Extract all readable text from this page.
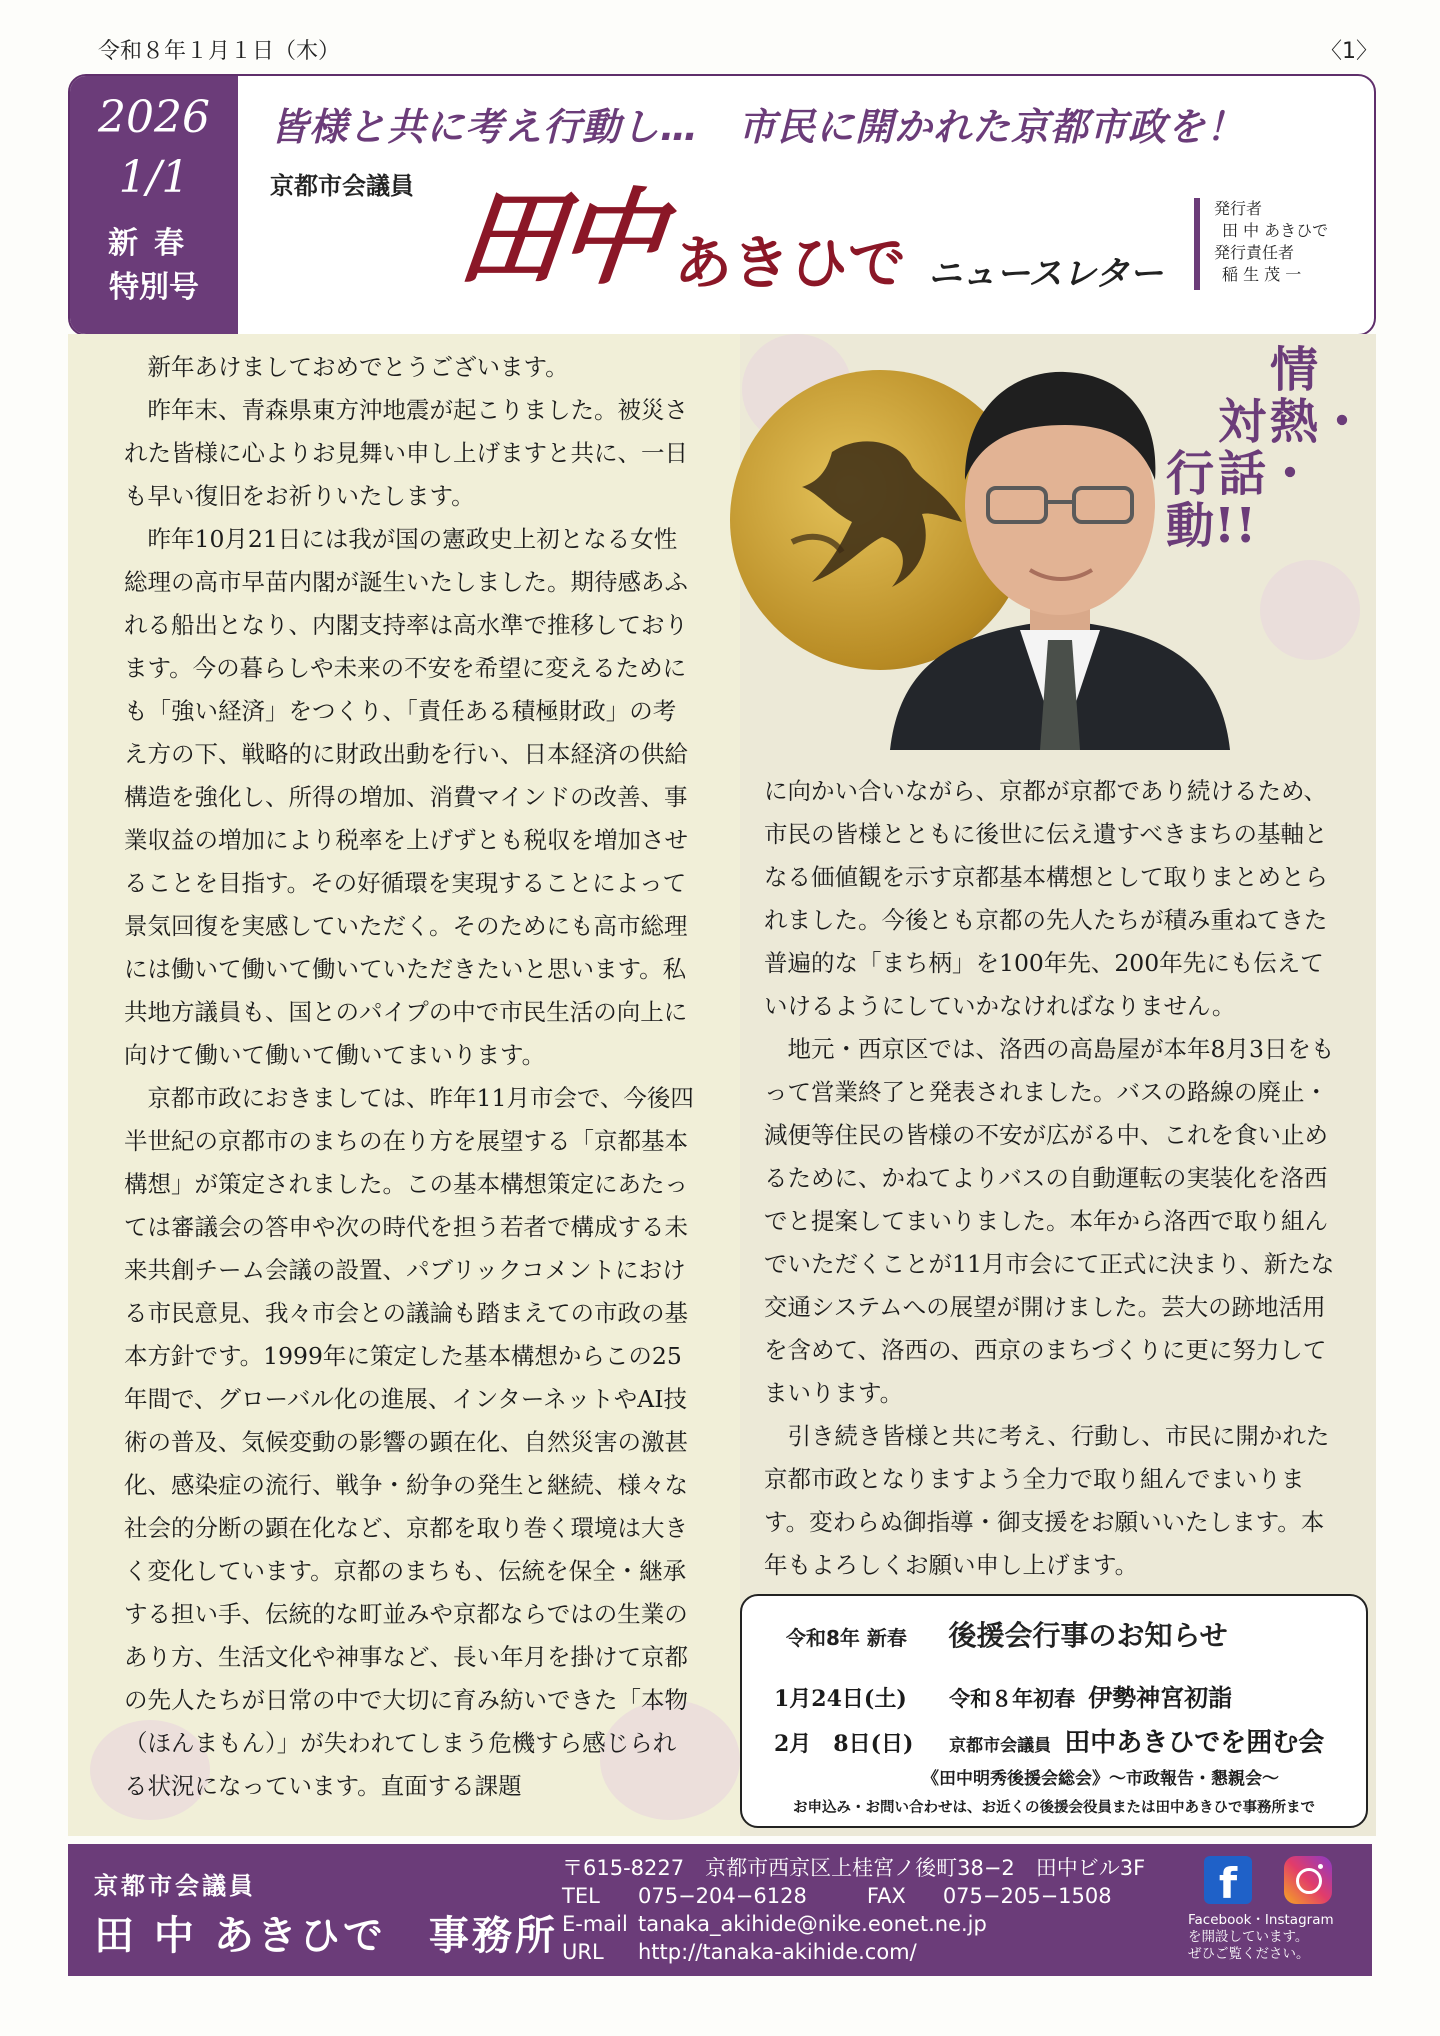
令和８年１月１日（木）	〈1〉
2026
1/1
新春
特別号
皆様と共に考え行動し…　市民に開かれた京都市政を！
京都市会議員 田中 あきひで ニュースレター
発行者
田 中 あきひで
発行責任者
稲 生 茂 一
情熱・
対話・
行動!!

新年あけましておめでとうございます。

昨年末、青森県東方沖地震が起こりました。被災された皆様に心よりお見舞い申し上げますと共に、一日も早い復旧をお祈りいたします。

昨年10月21日には我が国の憲政史上初となる女性総理の高市早苗内閣が誕生いたしました。期待感あふれる船出となり、内閣支持率は高水準で推移しております。今の暮らしや未来の不安を希望に変えるためにも「強い経済」をつくり、「責任ある積極財政」の考え方の下、戦略的に財政出動を行い、日本経済の供給構造を強化し、所得の増加、消費マインドの改善、事業収益の増加により税率を上げずとも税収を増加させることを目指す。その好循環を実現することによって景気回復を実感していただく。そのためにも高市総理には働いて働いて働いていただきたいと思います。私共地方議員も、国とのパイプの中で市民生活の向上に向けて働いて働いて働いてまいります。

京都市政におきましては、昨年11月市会で、今後四半世紀の京都市のまちの在り方を展望する「京都基本構想」が策定されました。この基本構想策定にあたっては審議会の答申や次の時代を担う若者で構成する未来共創チーム会議の設置、パブリックコメントにおける市民意見、我々市会との議論も踏まえての市政の基本方針です。1999年に策定した基本構想からこの25年間で、グローバル化の進展、インターネットやAI技術の普及、気候変動の影響の顕在化、自然災害の激甚化、感染症の流行、戦争・紛争の発生と継続、様々な社会的分断の顕在化など、京都を取り巻く環境は大きく変化しています。京都のまちも、伝統を保全・継承する担い手、伝統的な町並みや京都ならではの生業のあり方、生活文化や神事など、長い年月を掛けて京都の先人たちが日常の中で大切に育み紡いできた「本物（ほんまもん）」が失われてしまう危機すら感じられる状況になっています。直面する課題

に向かい合いながら、京都が京都であり続けるため、市民の皆様とともに後世に伝え遺すべきまちの基軸となる価値観を示す京都基本構想として取りまとめとられました。今後とも京都の先人たちが積み重ねてきた普遍的な「まち柄」を100年先、200年先にも伝えていけるようにしていかなければなりません。

地元・西京区では、洛西の高島屋が本年8月3日をもって営業終了と発表されました。バスの路線の廃止・減便等住民の皆様の不安が広がる中、これを食い止めるために、かねてよりバスの自動運転の実装化を洛西でと提案してまいりました。本年から洛西で取り組んでいただくことが11月市会にて正式に決まり、新たな交通システムへの展望が開けました。芸大の跡地活用を含めて、洛西の、西京のまちづくりに更に努力してまいります。

引き続き皆様と共に考え、行動し、市民に開かれた京都市政となりますよう全力で取り組んでまいります。変わらぬ御指導・御支援をお願いいたします。本年もよろしくお願い申し上げます。

令和8年 新春 後援会行事のお知らせ
1月24日(土) 令和８年初春 伊勢神宮初詣
2月　8日(日) 京都市会議員 田中あきひでを囲む会
《田中明秀後援会総会》～市政報告・懇親会～
お申込み・お問い合わせは、お近くの後援会役員または田中あきひで事務所まで
京都市会議員
田 中 あきひで　事務所
〒615-8227　京都市西京区上桂宮ノ後町38−2　田中ビル3F
TEL 075−204−6128	FAX 075−205−1508
E-mail tanaka_akihide@nike.eonet.ne.jp
URL http://tanaka-akihide.com/
f
Facebook・Instagram
を開設しています。
ぜひご覧ください。
